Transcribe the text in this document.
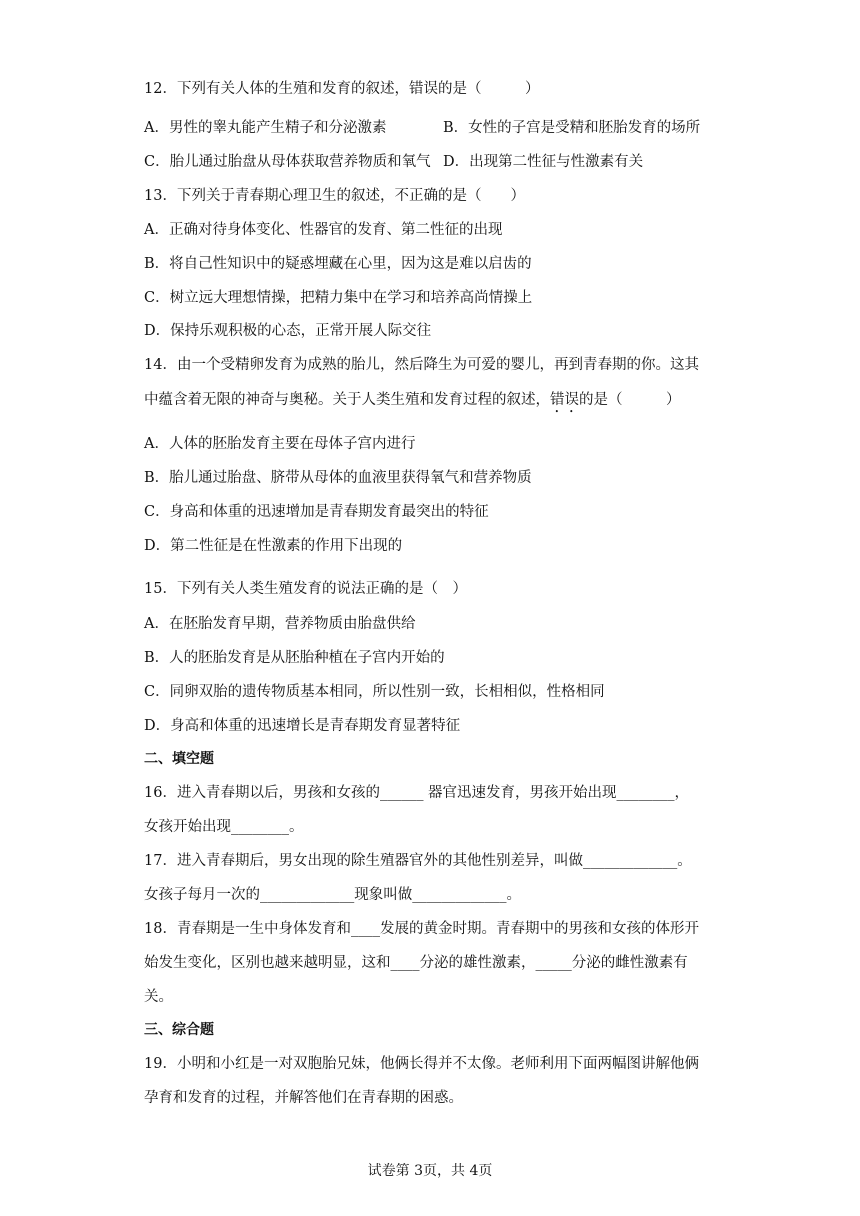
12．下列有关人体的生殖和发育的叙述，错误的是（　　　）
A．男性的睾丸能产生精子和分泌激素	B．女性的子宫是受精和胚胎发育的场所
C．胎儿通过胎盘从母体获取营养物质和氧气 D．出现第二性征与性激素有关
13．下列关于青春期心理卫生的叙述，不正确的是（　　）
A．正确对待身体变化、性器官的发育、第二性征的出现
B．将自己性知识中的疑惑埋藏在心里，因为这是难以启齿的
C．树立远大理想情操，把精力集中在学习和培养高尚情操上
D．保持乐观积极的心态，正常开展人际交往
14．由一个受精卵发育为成熟的胎儿，然后降生为可爱的婴儿，再到青春期的你。这其
中蕴含着无限的神奇与奥秘。关于人类生殖和发育过程的叙述，错误的是（　　　）
A．人体的胚胎发育主要在母体子宫内进行
B．胎儿通过胎盘、脐带从母体的血液里获得氧气和营养物质
C．身高和体重的迅速增加是青春期发育最突出的特征
D．第二性征是在性激素的作用下出现的
15．下列有关人类生殖发育的说法正确的是（　）
A．在胚胎发育早期，营养物质由胎盘供给
B．人的胚胎发育是从胚胎种植在子宫内开始的
C．同卵双胎的遗传物质基本相同，所以性别一致，长相相似，性格相同
D．身高和体重的迅速增长是青春期发育显著特征
二、填空题
16．进入青春期以后，男孩和女孩的______ 器官迅速发育，男孩开始出现________，
女孩开始出现________。
17．进入青春期后，男女出现的除生殖器官外的其他性别差异，叫做_____________。
女孩子每月一次的_____________现象叫做_____________。
18．青春期是一生中身体发育和____发展的黄金时期。青春期中的男孩和女孩的体形开
始发生变化，区别也越来越明显，这和____分泌的雄性激素，_____分泌的雌性激素有
关。
三、综合题
19．小明和小红是一对双胞胎兄妹，他俩长得并不太像。老师利用下面两幅图讲解他俩
孕育和发育的过程，并解答他们在青春期的困惑。
试卷第 3页，共 4页
